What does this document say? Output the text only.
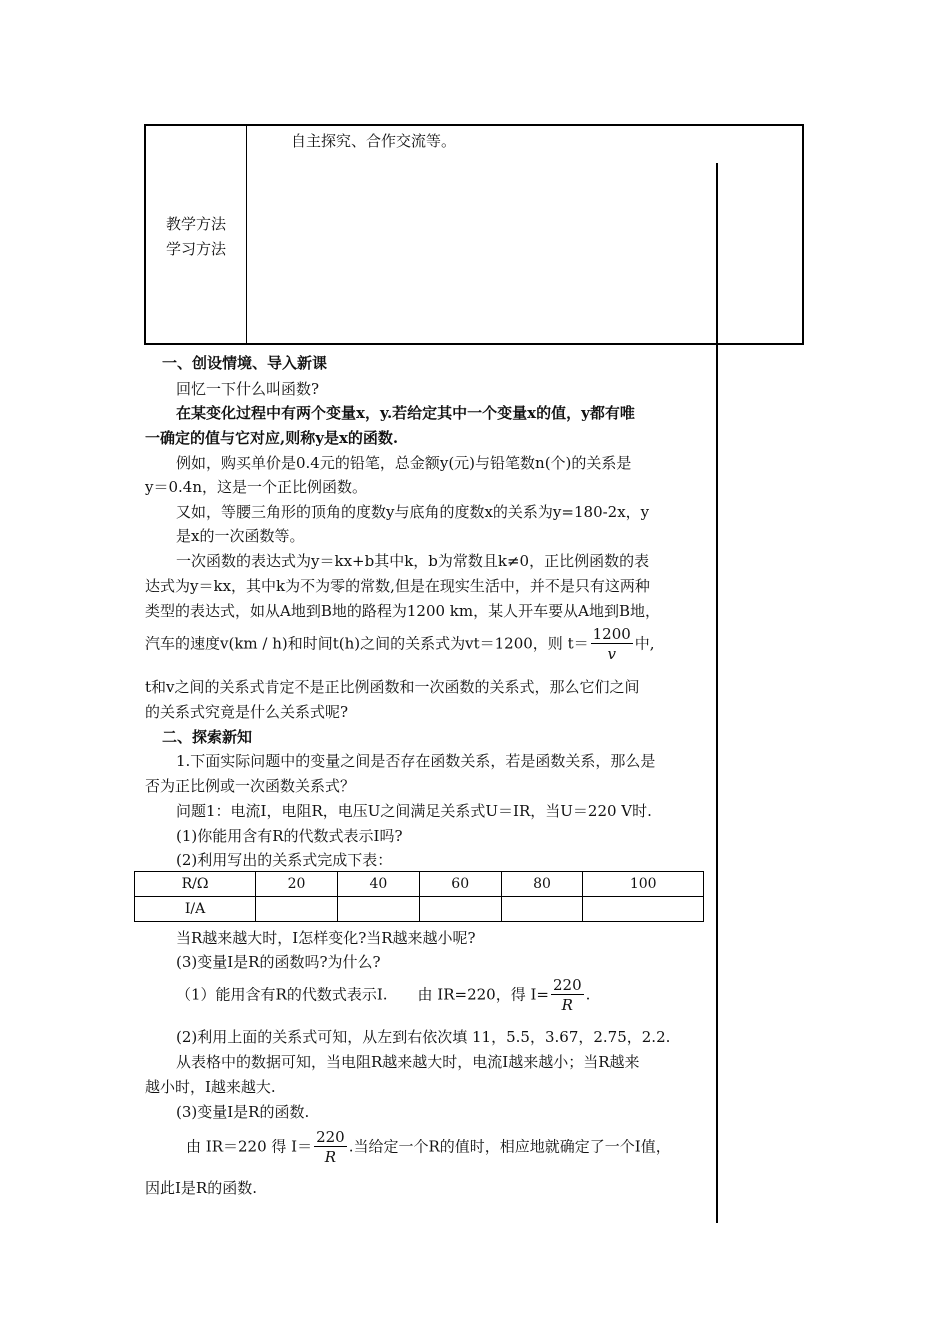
教学方法
学习方法
自主探究、合作交流等。
一、创设情境、导入新课
回忆一下什么叫函数?
在某变化过程中有两个变量x，y.若给定其中一个变量x的值，y都有唯
一确定的值与它对应,则称y是x的函数.
例如，购买单价是0.4元的铅笔，总金额y(元)与铅笔数n(个)的关系是
y＝0.4n，这是一个正比例函数。
又如，等腰三角形的顶角的度数y与底角的度数x的关系为y=180-2x，y
是x的一次函数等。
一次函数的表达式为y＝kx+b其中k，b为常数且k≠0，正比例函数的表
达式为y＝kx，其中k为不为零的常数,但是在现实生活中，并不是只有这两种
类型的表达式，如从A地到B地的路程为1200 km，某人开车要从A地到B地，
汽车的速度v(km / h)和时间t(h)之间的关系式为vt＝1200，则 $t= \frac{1200}{v}$ 中,
t和v之间的关系式肯定不是正比例函数和一次函数的关系式，那么它们之间
的关系式究竟是什么关系式呢?
二、探索新知
1.下面实际问题中的变量之间是否存在函数关系，若是函数关系，那么是
否为正比例或一次函数关系式？
问题1：电流I，电阻R，电压U之间满足关系式U＝IR，当U＝220 V时.
(1)你能用含有R的代数式表示I吗?
(2)利用写出的关系式完成下表：
R/Ω	20	40	60	80	100
I/A					
当R越来越大时，I怎样变化?当R越来越小呢?
(3)变量I是R的函数吗?为什么?
（1）能用含有R的代数式表示I.　　由 IR=220，得 $I= \frac{220}{R}$ .
(2)利用上面的关系式可知，从左到右依次填 11，5.5，3.67，2.75，2.2.
从表格中的数据可知，当电阻R越来越大时，电流I越来越小；当R越来
越小时，I越来越大.
(3)变量I是R的函数.
由 IR＝220 得 $I= \frac{220}{R}$ .当给定一个R的值时，相应地就确定了一个I值，
因此I是R的函数.
